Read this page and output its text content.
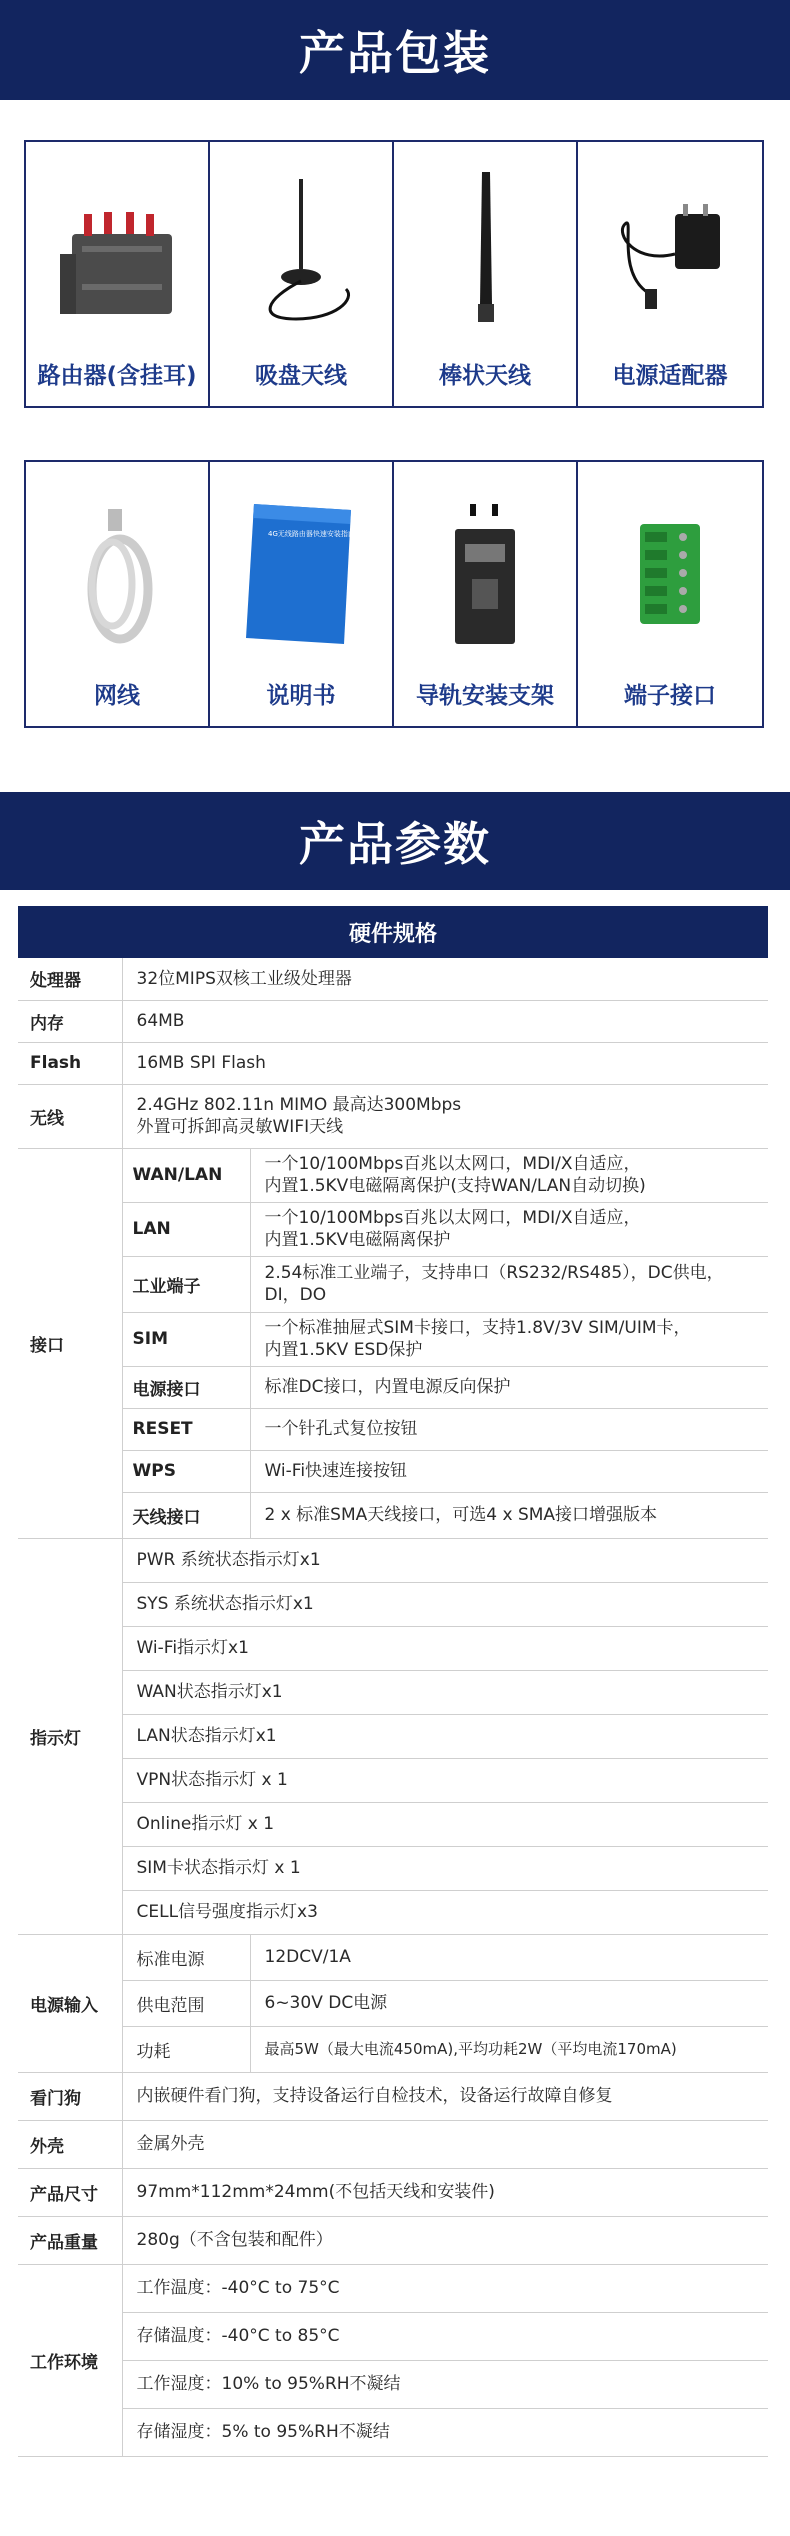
产品包装
路由器(含挂耳)	吸盘天线	棒状天线	电源适配器
网线
4G无线路由器快速安装指南
说明书	导轨安装支架	端子接口
产品参数
硬件规格
处理器	32位MIPS双核工业级处理器	
内存	64MB	
Flash	16MB SPI Flash	
无线	2.4GHz 802.11n MIMO 最高达300Mbps
外置可拆卸高灵敏WIFI天线	

接口	WAN/LAN	一个10/100Mbps百兆以太网口，MDI/X自适应，
内置1.5KV电磁隔离保护(支持WAN/LAN自动切换)

	LAN	一个10/100Mbps百兆以太网口，MDI/X自适应，
内置1.5KV电磁隔离保护

	工业端子	2.54标准工业端子，支持串口（RS232/RS485），DC供电，
DI，DO

	SIM	一个标准抽屉式SIM卡接口，支持1.8V/3V SIM/UIM卡，
内置1.5KV ESD保护

	电源接口	标准DC接口，内置电源反向保护
	RESET	一个针孔式复位按钮
	WPS	Wi-Fi快速连接按钮
	天线接口	2 x 标准SMA天线接口，可选4 x SMA接口增强版本
指示灯	PWR 系统状态指示灯x1	
	SYS 系统状态指示灯x1	
	Wi-Fi指示灯x1	
	WAN状态指示灯x1	
	LAN状态指示灯x1	
	VPN状态指示灯 x 1	
	Online指示灯 x 1	
	SIM卡状态指示灯 x 1	
	CELL信号强度指示灯x3	
电源输入	标准电源	12DCV/1A
	供电范围	6~30V DC电源
	功耗	最高5W（最大电流450mA),平均功耗2W（平均电流170mA)
看门狗	内嵌硬件看门狗，支持设备运行自检技术，设备运行故障自修复	
外壳	金属外壳	
产品尺寸	97mm*112mm*24mm(不包括天线和安装件)	
产品重量	280g（不含包装和配件）	
工作环境	工作温度：-40°C to 75°C	
	存储温度：-40°C to 85°C	
	工作湿度：10% to 95%RH不凝结	
	存储湿度：5% to 95%RH不凝结	
